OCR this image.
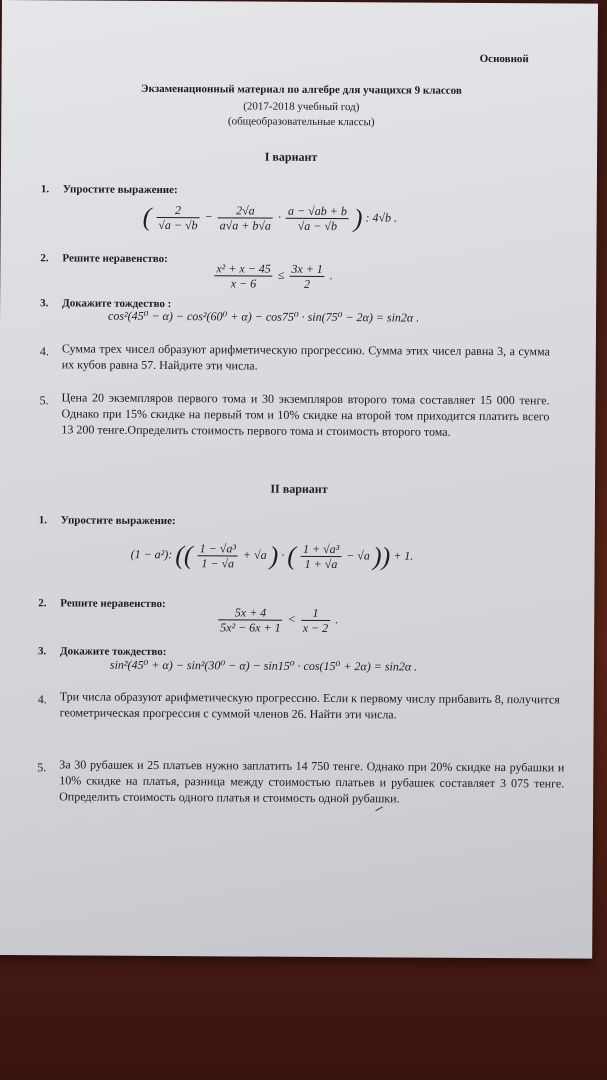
Основной
Экзаменационный материал по алгебре для учащихся 9 классов
(2017-2018 учебный год)
(общеобразовательные классы)
I вариант
1. Упростите выражение:
( $\frac{2}{√a - √b} - \frac{2√a}{a√a + b√a} \cdot \frac{a - √ab + b}{√a - √b}$ ) : 4√b .
2. Решите неравенство:
$\frac{\text{x² + x − 45}}{x - 6} \le \frac{3x + 1}{2}$ .
3. Докажите тождество :
cos²(45⁰ − α) − cos²(60⁰ + α) − cos75⁰ · sin(75⁰ − 2α) = sin2α .
4. Сумма трех чисел образуют арифметическую прогрессию. Сумма этих чисел равна 3, а сумма их кубов равна 57. Найдите эти числа.
5. Цена 20 экземпляров первого тома и 30 экземпляров второго тома составляет 15 000 тенге. Однако при 15% скидке на первый том и 10% скидке на второй том приходится платить всего 13 200 тенге.Определить стоимость первого тома и стоимость второго тома.
II вариант
1. Упростите выражение:
(1 − a²): (( $\frac{\text{1 − √a³}}{1 - √a} + √a$ ) · ( $\frac{\text{1 + √a³}}{1 + √a} - √a$ )) + 1.
2. Решите неравенство:
$\frac{5x + 4}{\text{5x² − 6x + 1}} < \frac{1}{x - 2}$ .
3. Докажите тождество:
sin²(45⁰ + α) − sin²(30⁰ − α) − sin15⁰ · cos(15⁰ + 2α) = sin2α .
4. Три числа образуют арифметическую прогрессию. Если к первому числу прибавить 8, получится геометрическая прогрессия с суммой членов 26. Найти эти числа.
5. За 30 рубашек и 25 платьев нужно заплатить 14 750 тенге. Однако при 20% скидке на рубашки и 10% скидке на платья, разница между стоимостью платьев и рубашек составляет 3 075 тенге. Определить стоимость одного платья и стоимость одной рубашки.
